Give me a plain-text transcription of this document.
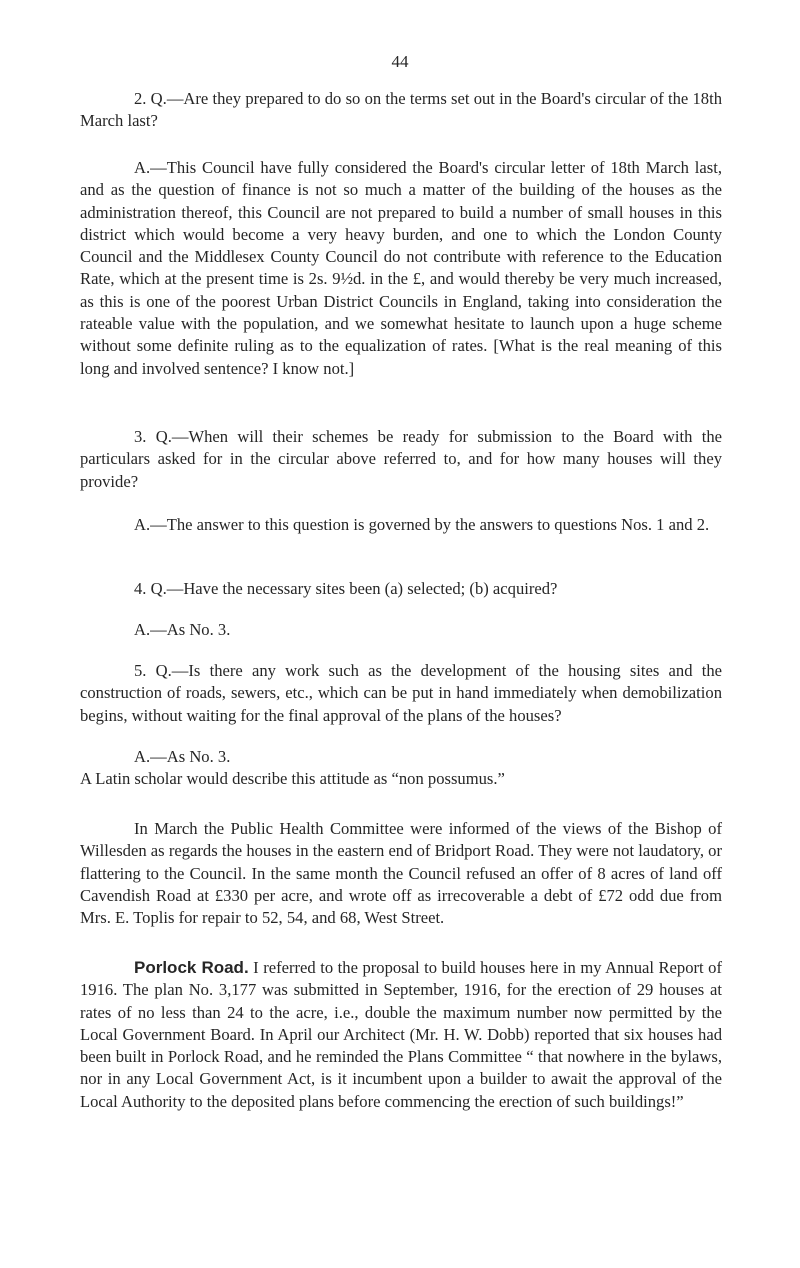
44

2. Q.—Are they prepared to do so on the terms set out in the Board's circular of the 18th March last?

A.—This Council have fully considered the Board's circular letter of 18th March last, and as the question of finance is not so much a matter of the building of the houses as the administration thereof, this Council are not prepared to build a number of small houses in this district which would become a very heavy burden, and one to which the London County Council and the Middlesex County Council do not contribute with reference to the Education Rate, which at the present time is 2s. 9½d. in the £, and would thereby be very much increased, as this is one of the poorest Urban District Councils in England, taking into consideration the rateable value with the population, and we somewhat hesitate to launch upon a huge scheme without some definite ruling as to the equalization of rates. [What is the real meaning of this long and involved sentence? I know not.]

3. Q.—When will their schemes be ready for submission to the Board with the particulars asked for in the circular above referred to, and for how many houses will they provide?

A.—The answer to this question is governed by the answers to questions Nos. 1 and 2.

4. Q.—Have the necessary sites been (a) selected; (b) acquired?

A.—As No. 3.

5. Q.—Is there any work such as the development of the housing sites and the construction of roads, sewers, etc., which can be put in hand immediately when demobilization begins, without waiting for the final approval of the plans of the houses?

A.—As No. 3.

A Latin scholar would describe this attitude as “non possumus.”

In March the Public Health Committee were informed of the views of the Bishop of Willesden as regards the houses in the eastern end of Bridport Road. They were not laudatory, or flattering to the Council. In the same month the Council refused an offer of 8 acres of land off Cavendish Road at £330 per acre, and wrote off as irrecoverable a debt of £72 odd due from Mrs. E. Toplis for repair to 52, 54, and 68, West Street.

Porlock Road. I referred to the proposal to build houses here in my Annual Report of 1916. The plan No. 3,177 was submitted in September, 1916, for the erection of 29 houses at rates of no less than 24 to the acre, i.e., double the maximum number now permitted by the Local Government Board. In April our Architect (Mr. H. W. Dobb) reported that six houses had been built in Porlock Road, and he reminded the Plans Committee “ that nowhere in the bylaws, nor in any Local Government Act, is it incumbent upon a builder to await the approval of the Local Authority to the deposited plans before commencing the erection of such buildings!”
